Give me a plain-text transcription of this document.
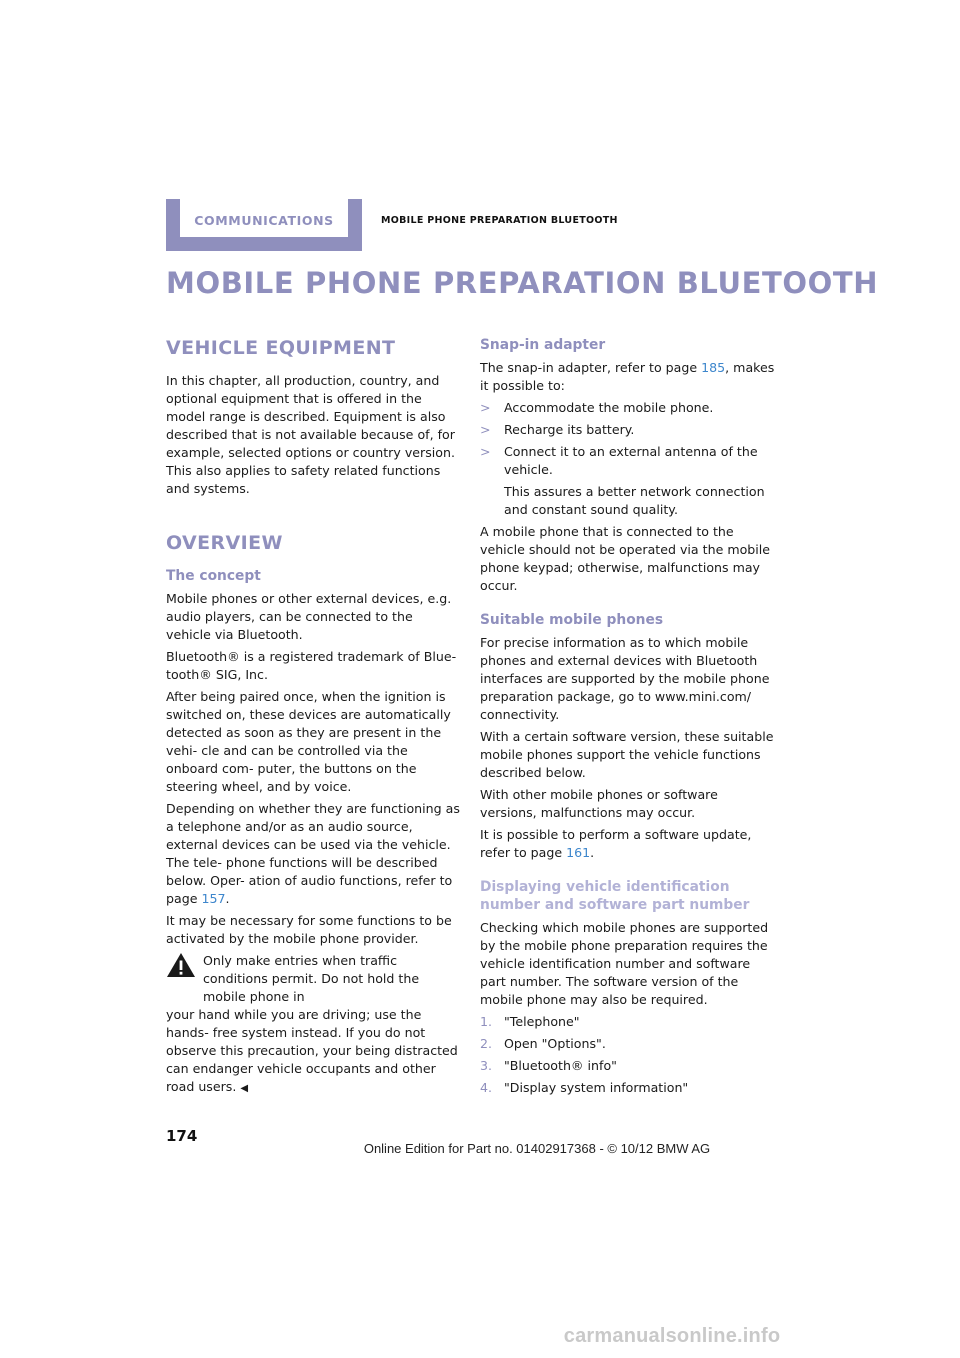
COMMUNICATIONS	MOBILE PHONE PREPARATION BLUETOOTH
MOBILE PHONE PREPARATION BLUETOOTH
VEHICLE EQUIPMENT

In this chapter, all production, country, and optional equipment that is offered in the model range is described. Equipment is also described that is not available because of, for example, selected options or country version. This also applies to safety related functions and systems.

OVERVIEW
The concept

Mobile phones or other external devices, e.g. audio players, can be connected to the vehicle via Bluetooth.

Bluetooth® is a registered trademark of Blue- tooth® SIG, Inc.

After being paired once, when the ignition is switched on, these devices are automatically detected as soon as they are present in the vehi- cle and can be controlled via the onboard com- puter, the buttons on the steering wheel, and by voice.

Depending on whether they are functioning as a telephone and/or as an audio source, external devices can be used via the vehicle. The tele- phone functions will be described below. Oper- ation of audio functions, refer to page 157.

It may be necessary for some functions to be activated by the mobile phone provider.

Only make entries when traffic conditions permit. Do not hold the mobile phone in
your hand while you are driving; use the hands- free system instead. If you do not observe this precaution, your being distracted can endanger vehicle occupants and other road users. ◀
Snap-in adapter

The snap-in adapter, refer to page 185, makes it possible to:

> Accommodate the mobile phone.
> Recharge its battery.
> Connect it to an external antenna of the vehicle.

This assures a better network connection and constant sound quality.

A mobile phone that is connected to the vehicle should not be operated via the mobile phone keypad; otherwise, malfunctions may occur.

Suitable mobile phones

For precise information as to which mobile phones and external devices with Bluetooth interfaces are supported by the mobile phone preparation package, go to www.mini.com/ connectivity.

With a certain software version, these suitable mobile phones support the vehicle functions described below.

With other mobile phones or software versions, malfunctions may occur.

It is possible to perform a software update, refer to page 161.

Displaying vehicle identification number and software part number

Checking which mobile phones are supported by the mobile phone preparation requires the vehicle identification number and software part number. The software version of the mobile phone may also be required.

1. "Telephone"
2. Open "Options".
3. "Bluetooth® info"
4. "Display system information"
174
Online Edition for Part no. 01402917368 - © 10/12 BMW AG
carmanualsonline.info
